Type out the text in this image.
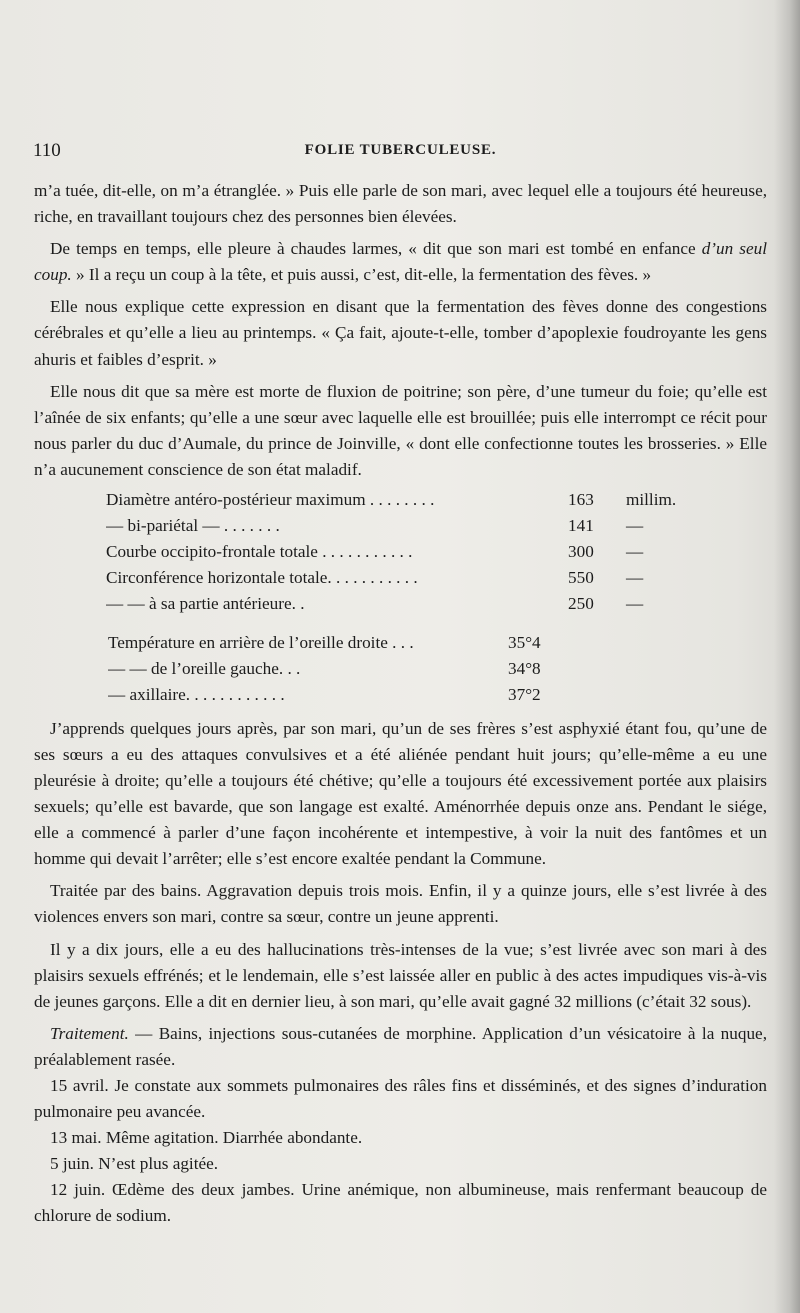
110	FOLIE TUBERCULEUSE.

m’a tuée, dit-elle, on m’a étranglée. » Puis elle parle de son mari, avec lequel elle a toujours été heureuse, riche, en travaillant toujours chez des personnes bien élevées.

De temps en temps, elle pleure à chaudes larmes, « dit que son mari est tombé en enfance d’un seul coup. » Il a reçu un coup à la tête, et puis aussi, c’est, dit-elle, la fermentation des fèves. »

Elle nous explique cette expression en disant que la fermentation des fèves donne des congestions cérébrales et qu’elle a lieu au printemps. « Ça fait, ajoute-t-elle, tomber d’apoplexie foudroyante les gens ahuris et faibles d’esprit. »

Elle nous dit que sa mère est morte de fluxion de poitrine; son père, d’une tumeur du foie; qu’elle est l’aînée de six enfants; qu’elle a une sœur avec laquelle elle est brouillée; puis elle interrompt ce récit pour nous parler du duc d’Aumale, du prince de Joinville, « dont elle confectionne toutes les brosseries. » Elle n’a aucunement conscience de son état maladif.

Diamètre antéro-postérieur maximum . . . . . . . .	163	millim.
— bi-pariétal — . . . . . . .	141	—
Courbe occipito-frontale totale . . . . . . . . . . .	300	—
Circonférence horizontale totale. . . . . . . . . . .	550	—
— — à sa partie antérieure. .	250	—
Température en arrière de l’oreille droite . . .	35°4
— — de l’oreille gauche. . .	34°8
— axillaire. . . . . . . . . . . .	37°2

J’apprends quelques jours après, par son mari, qu’un de ses frères s’est asphyxié étant fou, qu’une de ses sœurs a eu des attaques convulsives et a été aliénée pendant huit jours; qu’elle-même a eu une pleurésie à droite; qu’elle a toujours été chétive; qu’elle a toujours été excessivement portée aux plaisirs sexuels; qu’elle est bavarde, que son langage est exalté. Aménorrhée depuis onze ans. Pendant le siége, elle a commencé à parler d’une façon incohérente et intempestive, à voir la nuit des fantômes et un homme qui devait l’arrêter; elle s’est encore exaltée pendant la Commune.

Traitée par des bains. Aggravation depuis trois mois. Enfin, il y a quinze jours, elle s’est livrée à des violences envers son mari, contre sa sœur, contre un jeune apprenti.

Il y a dix jours, elle a eu des hallucinations très-intenses de la vue; s’est livrée avec son mari à des plaisirs sexuels effrénés; et le lendemain, elle s’est laissée aller en public à des actes impudiques vis-à-vis de jeunes garçons. Elle a dit en dernier lieu, à son mari, qu’elle avait gagné 32 millions (c’était 32 sous).

Traitement. — Bains, injections sous-cutanées de morphine. Application d’un vésicatoire à la nuque, préalablement rasée.

15 avril. Je constate aux sommets pulmonaires des râles fins et disséminés, et des signes d’induration pulmonaire peu avancée.

13 mai. Même agitation. Diarrhée abondante.

5 juin. N’est plus agitée.

12 juin. Œdème des deux jambes. Urine anémique, non albumineuse, mais renfermant beaucoup de chlorure de sodium.
